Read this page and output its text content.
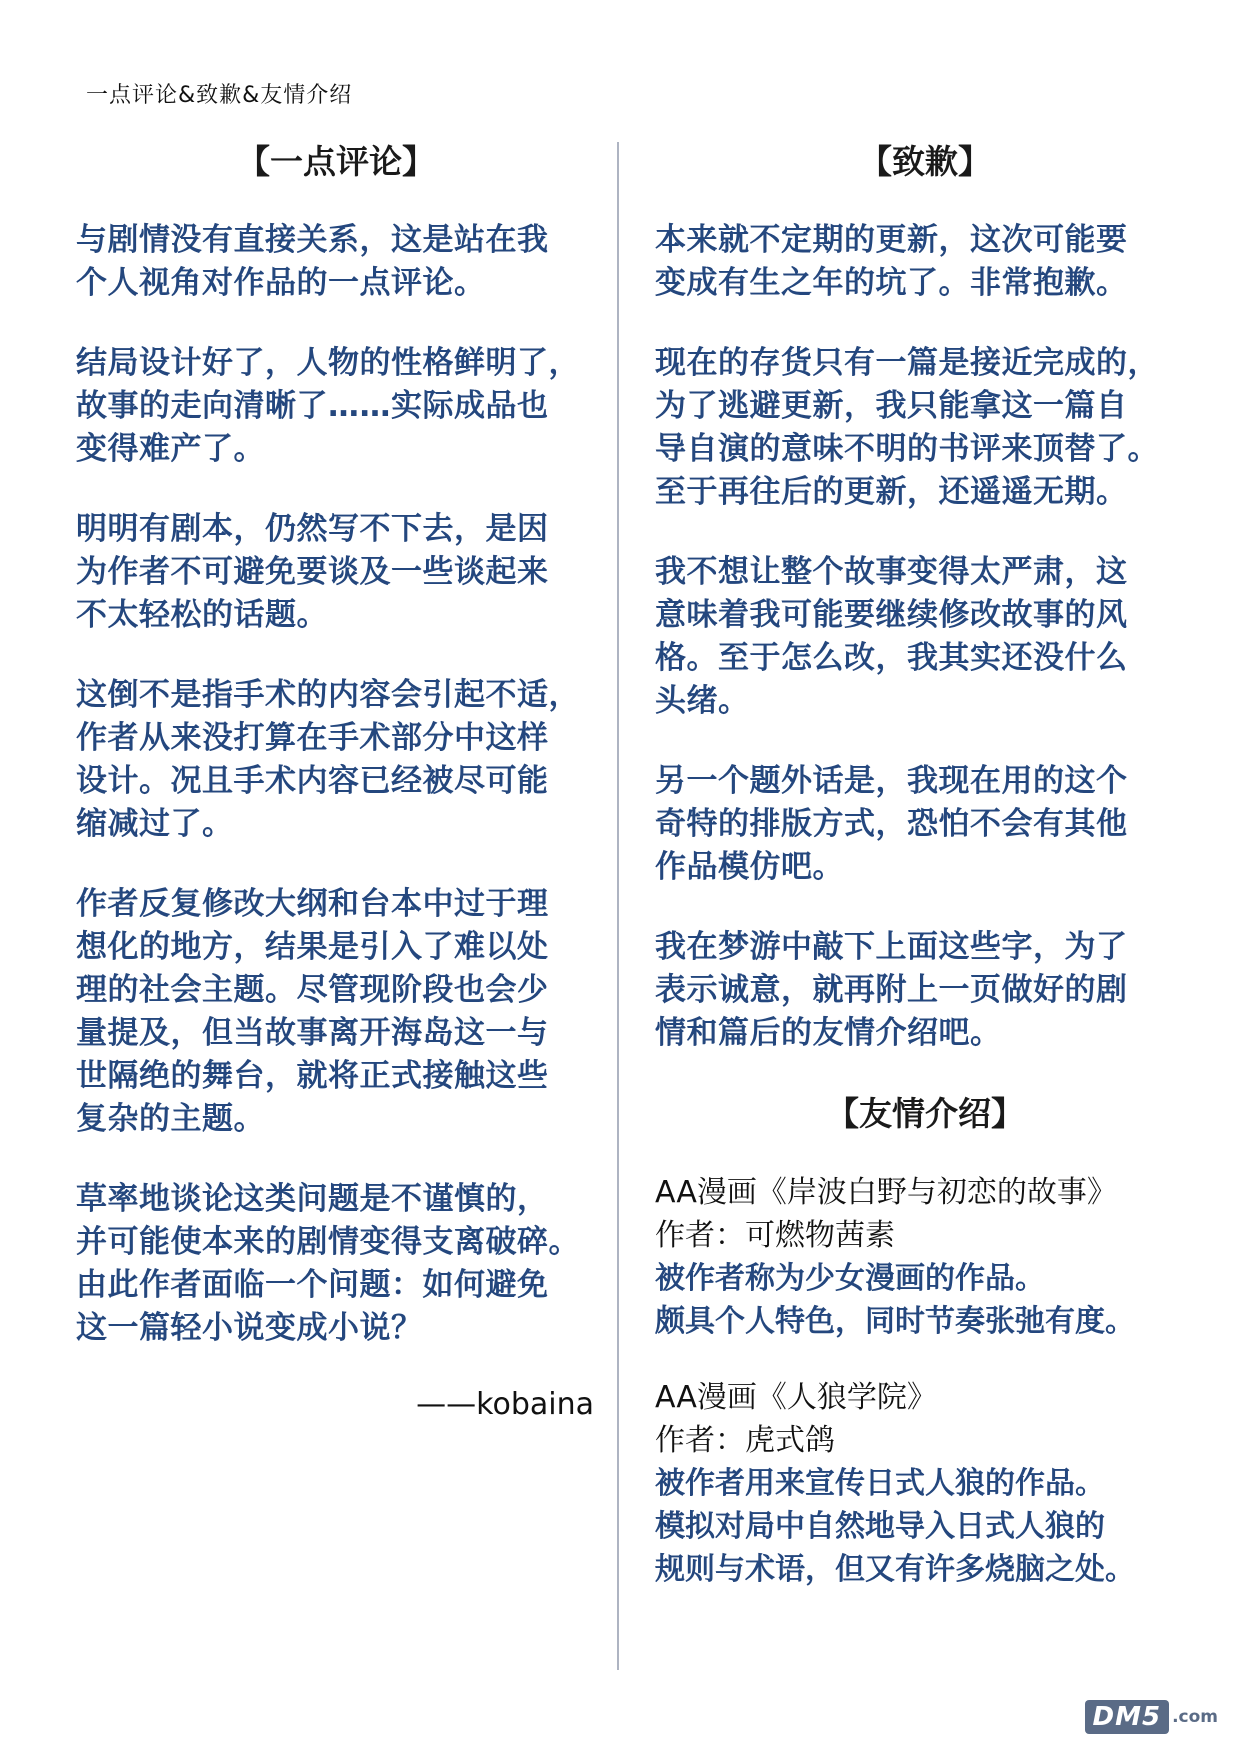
一点评论&致歉&友情介绍
【一点评论】
与剧情没有直接关系，这是站在我
个人视角对作品的一点评论。
结局设计好了，人物的性格鲜明了，
故事的走向清晰了……实际成品也
变得难产了。
明明有剧本，仍然写不下去，是因
为作者不可避免要谈及一些谈起来
不太轻松的话题。
这倒不是指手术的内容会引起不适，
作者从来没打算在手术部分中这样
设计。况且手术内容已经被尽可能
缩减过了。
作者反复修改大纲和台本中过于理
想化的地方，结果是引入了难以处
理的社会主题。尽管现阶段也会少
量提及，但当故事离开海岛这一与
世隔绝的舞台，就将正式接触这些
复杂的主题。
草率地谈论这类问题是不谨慎的，
并可能使本来的剧情变得支离破碎。
由此作者面临一个问题：如何避免
这一篇轻小说变成小说？
——kobaina
【致歉】
本来就不定期的更新，这次可能要
变成有生之年的坑了。非常抱歉。
现在的存货只有一篇是接近完成的，
为了逃避更新，我只能拿这一篇自
导自演的意味不明的书评来顶替了。
至于再往后的更新，还遥遥无期。
我不想让整个故事变得太严肃，这
意味着我可能要继续修改故事的风
格。至于怎么改，我其实还没什么
头绪。
另一个题外话是，我现在用的这个
奇特的排版方式，恐怕不会有其他
作品模仿吧。
我在梦游中敲下上面这些字，为了
表示诚意，就再附上一页做好的剧
情和篇后的友情介绍吧。
【友情介绍】
AA漫画《岸波白野与初恋的故事》
作者：可燃物茜素
被作者称为少女漫画的作品。
颇具个人特色，同时节奏张弛有度。
AA漫画《人狼学院》
作者：虎式鸽
被作者用来宣传日式人狼的作品。
模拟对局中自然地导入日式人狼的
规则与术语，但又有许多烧脑之处。
DM5 .com
